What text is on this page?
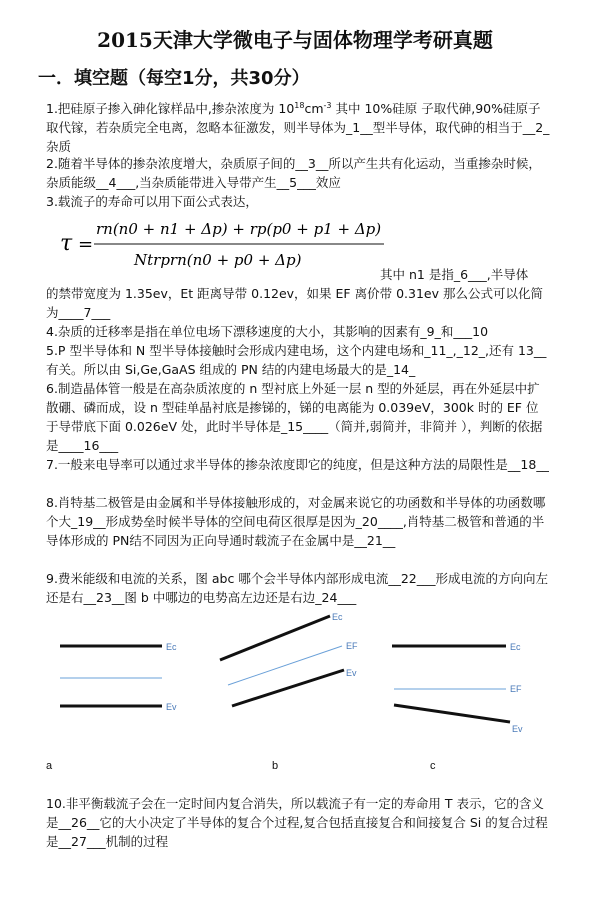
2015天津大学微电子与固体物理学考研真题
一．填空题（每空1分，共30分）
1.把硅原子掺入砷化镓样品中,掺杂浓度为 $10^{18}cm^{-3}$ 其中 10%硅原 子取代砷,90%硅原子取代镓，若杂质完全电离，忽略本征激发，则半导体为_1__型半导体，取代砷的相当于__2_杂质
2.随着半导体的掺杂浓度增大，杂质原子间的__3__所以产生共有化运动，当重掺杂时候，杂质能级__4___,当杂质能带进入导带产生__5___效应
3.载流子的寿命可以用下面公式表达，
τ =
rn(n0 + n1 + Δp) + rp(p0 + p1 + Δp)
Ntrprn(n0 + p0 + Δp)
其中 n1 是指_6___,半导体
的禁带宽度为 1.35ev，Et 距离导带 0.12ev，如果 EF 离价带 0.31ev 那么公式可以化简为____7___
4.杂质的迁移率是指在单位电场下漂移速度的大小，其影响的因素有_9_和___10
5.P 型半导体和 N 型半导体接触时会形成内建电场，这个内建电场和_11_,_12_,还有 13__有关。所以由 Si,Ge,GaAS 组成的 PN 结的内建电场最大的是_14_
6.制造晶体管一般是在高杂质浓度的 n 型衬底上外延一层 n 型的外延层，再在外延层中扩散硼、磷而成，设 n 型硅单晶衬底是掺锑的，锑的电离能为 0.039eV，300k 时的 EF 位于导带底下面 0.026eV 处，此时半导体是_15____（简并,弱简并，非简并 ），判断的依据是____16___
7.一般来电导率可以通过求半导体的掺杂浓度即它的纯度，但是这种方法的局限性是__18__
8.肖特基二极管是由金属和半导体接触形成的，对金属来说它的功函数和半导体的功函数哪个大_19__形成势垒时候半导体的空间电荷区很厚是因为_20____,肖特基二极管和普通的半导体形成的 PN结不同因为正向导通时载流子在金属中是__21__
9.费米能级和电流的关系，图 abc 哪个会半导体内部形成电流__22___形成电流的方向向左还是右__23__图 b 中哪边的电势高左边还是右边_24___
Ec
Ev
Ec
EF
Ev
Ec
EF
Ev
a	b	c
10.非平衡载流子会在一定时间内复合消失，所以载流子有一定的寿命用 T 表示，它的含义是__26__它的大小决定了半导体的复合个过程,复合包括直接复合和间接复合 Si 的复合过程是__27___机制的过程
